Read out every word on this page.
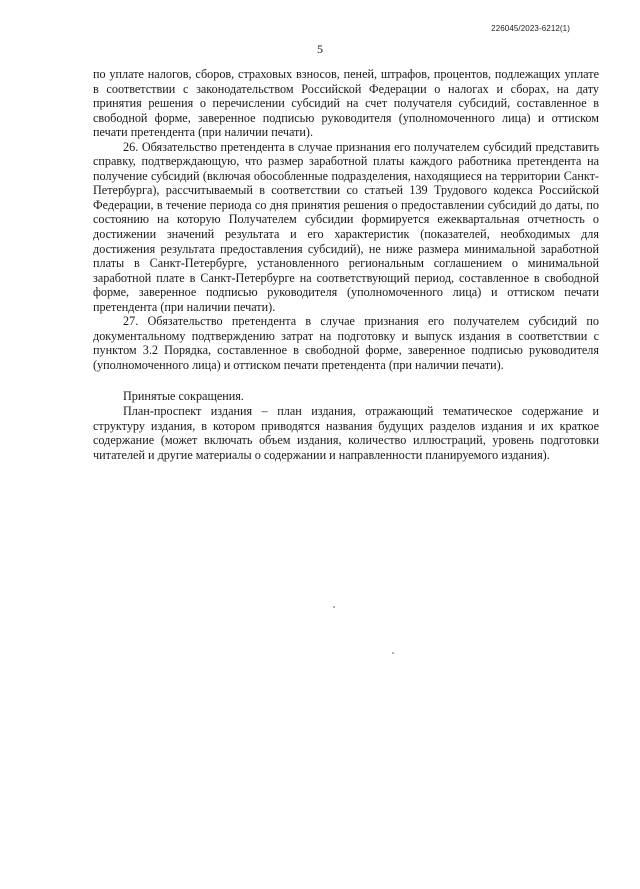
226045/2023-6212(1)
5

по уплате налогов, сборов, страховых взносов, пеней, штрафов, процентов, подлежащих уплате в соответствии с законодательством Российской Федерации о налогах и сборах, на дату принятия решения о перечислении субсидий на счет получателя субсидий, составленное в свободной форме, заверенное подписью руководителя (уполномоченного лица) и оттиском печати претендента (при наличии печати).

26. Обязательство претендента в случае признания его получателем субсидий представить справку, подтверждающую, что размер заработной платы каждого работника претендента на получение субсидий (включая обособленные подразделения, находящиеся на территории Санкт-Петербурга), рассчитываемый в соответствии со статьей 139 Трудового кодекса Российской Федерации, в течение периода со дня принятия решения о предоставлении субсидий до даты, по состоянию на которую Получателем субсидии формируется ежеквартальная отчетность о достижении значений результата и его характеристик (показателей, необходимых для достижения результата предоставления субсидий), не ниже размера минимальной заработной платы в Санкт-Петербурге, установленного региональным соглашением о минимальной заработной плате в Санкт-Петербурге на соответствующий период, составленное в свободной форме, заверенное подписью руководителя (уполномоченного лица) и оттиском печати претендента (при наличии печати).

27. Обязательство претендента в случае признания его получателем субсидий по документальному подтверждению затрат на подготовку и выпуск издания в соответствии с пунктом 3.2 Порядка, составленное в свободной форме, заверенное подписью руководителя (уполномоченного лица) и оттиском печати претендента (при наличии печати).

Принятые сокращения.

План-проспект издания – план издания, отражающий тематическое содержание и структуру издания, в котором приводятся названия будущих разделов издания и их краткое содержание (может включать объем издания, количество иллюстраций, уровень подготовки читателей и другие материалы о содержании и направленности планируемого издания).
